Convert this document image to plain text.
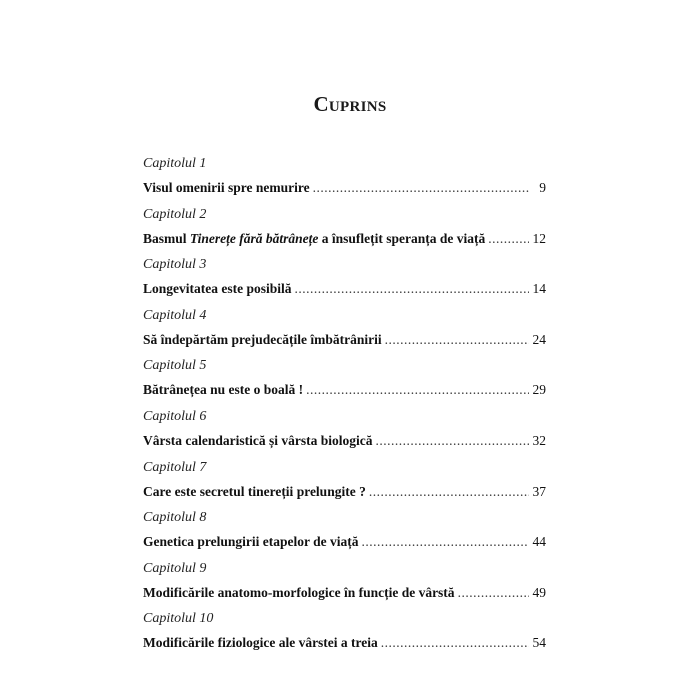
Cuprins
Capitolul 1
Visul omenirii spre nemurire .....	9
Capitolul 2
Basmul Tinerețe fără bătrânețe a însuflețit speranța de viață .....	12
Capitolul 3
Longevitatea este posibilă .....	14
Capitolul 4
Să îndepărtăm prejudecățile îmbătrânirii .....	24
Capitolul 5
Bătrânețea nu este o boală ! .....	29
Capitolul 6
Vârsta calendaristică și vârsta biologică .....	32
Capitolul 7
Care este secretul tinereții prelungite ? .....	37
Capitolul 8
Genetica prelungirii etapelor de viață .....	44
Capitolul 9
Modificările anatomo-morfologice în funcție de vârstă .....	49
Capitolul 10
Modificările fiziologice ale vârstei a treia .....	54
